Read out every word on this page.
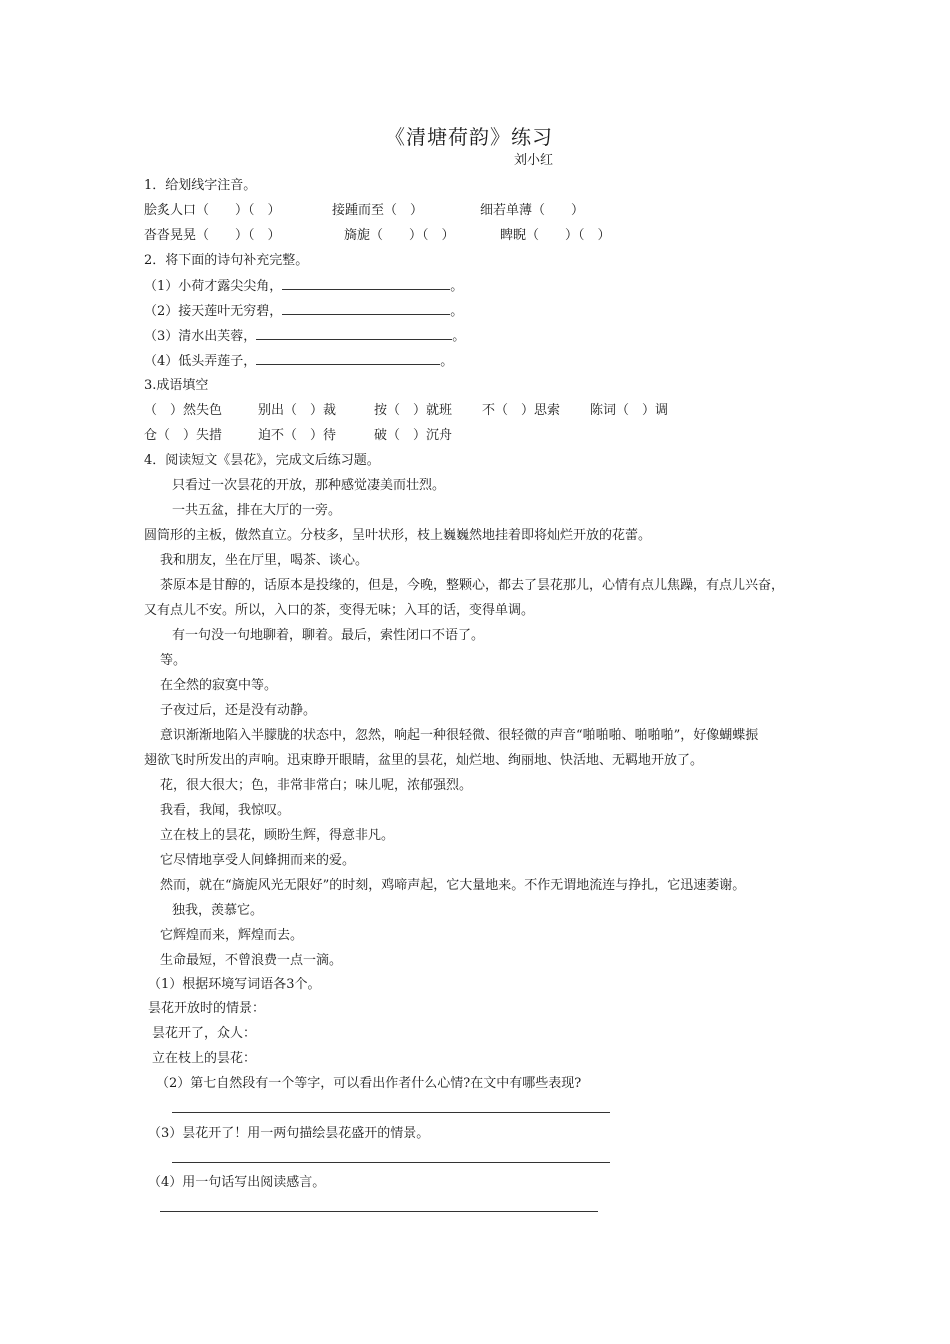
《清塘荷韵》练习
刘小红
1．给划线字注音。
脍炙人口（　　）（　）	接踵而至（　）	细若单薄（　　）
沓沓晃晃（　　）（　）	旖旎（　　）（　）	睥睨（　　）（　）
2．将下面的诗句补充完整。
（1）小荷才露尖尖角，	。
（2）接天莲叶无穷碧，	。
（3）清水出芙蓉，	。
（4）低头弄莲子，	。
3.成语填空
（　）然失色	别出（　）裁	按（　）就班 不（　）思索 陈词（　）调
仓（　）失措	迫不（　）待	破（　）沉舟
4．阅读短文《昙花》，完成文后练习题。
只看过一次昙花的开放，那种感觉凄美而壮烈。
一共五盆，排在大厅的一旁。
圆筒形的主板，傲然直立。分枝多，呈叶状形，枝上巍巍然地挂着即将灿烂开放的花蕾。
我和朋友，坐在厅里，喝茶、谈心。
茶原本是甘醇的，话原本是投缘的，但是，今晚，整颗心，都去了昙花那儿，心情有点儿焦躁，有点儿兴奋，
又有点儿不安。所以，入口的茶，变得无味；入耳的话，变得单调。
有一句没一句地聊着，聊着。最后，索性闭口不语了。
等。
在全然的寂寞中等。
子夜过后，还是没有动静。
意识渐渐地陷入半朦胧的状态中，忽然，响起一种很轻微、很轻微的声音“啪啪啪、啪啪啪”，好像蝴蝶振
翅欲飞时所发出的声响。迅束睁开眼睛，盆里的昙花，灿烂地、绚丽地、快活地、无羁地开放了。
花，很大很大；色，非常非常白；味儿呢，浓郁强烈。
我看，我闻，我惊叹。
立在枝上的昙花，顾盼生辉，得意非凡。
它尽情地享受人间蜂拥而来的爱。
然而，就在“旖旎风光无限好”的时刻，鸡啼声起，它大量地来。不作无谓地流连与挣扎，它迅速萎谢。
独我，羡慕它。
它辉煌而来，辉煌而去。
生命最短，不曾浪费一点一滴。
（1）根据环境写词语各3个。
昙花开放时的情景：
昙花开了，众人：
立在枝上的昙花：
（2）第七自然段有一个等字，可以看出作者什么心情?在文中有哪些表现?
（3）昙花开了！用一两句描绘昙花盛开的情景。
（4）用一句话写出阅读感言。
